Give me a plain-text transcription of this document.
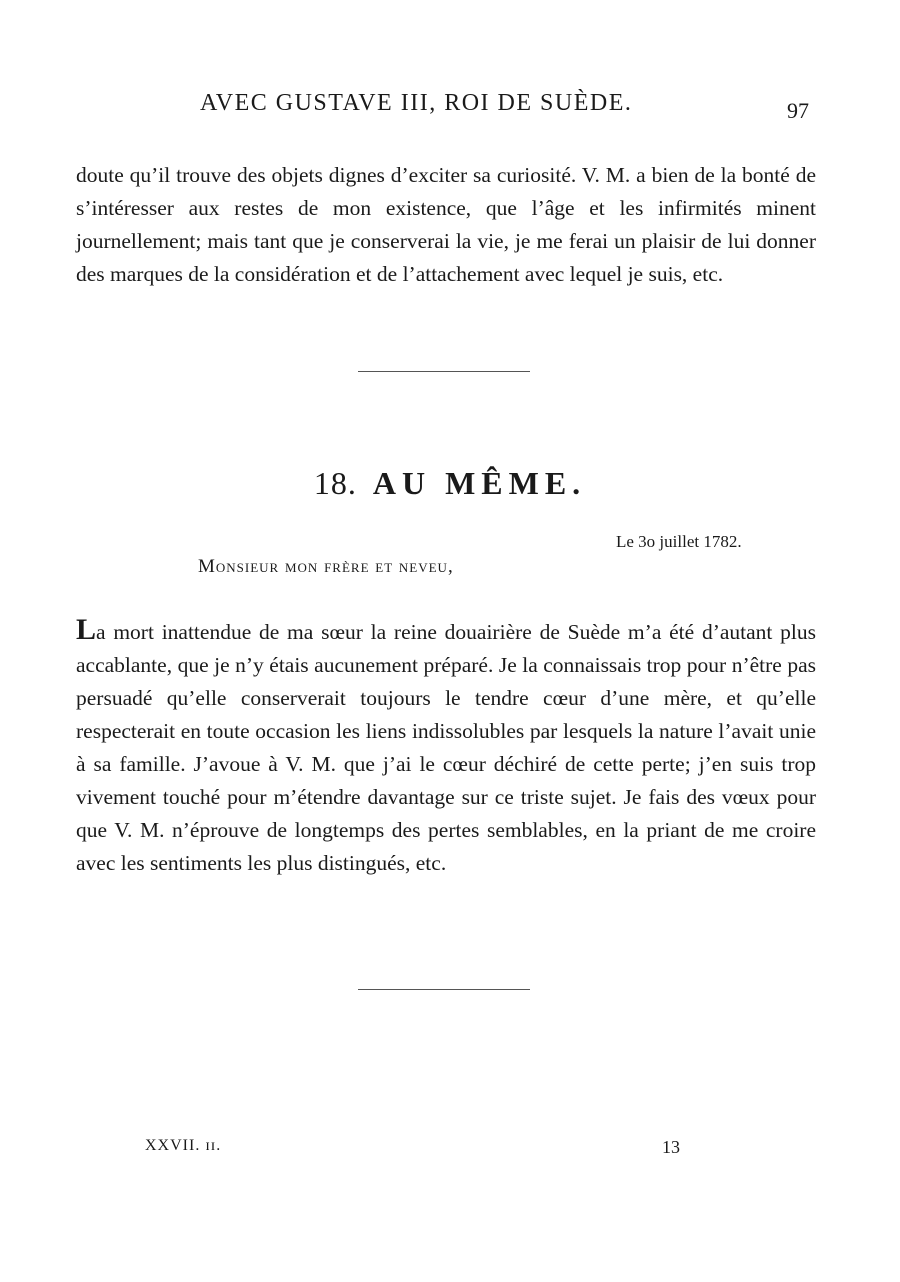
AVEC GUSTAVE III, ROI DE SUÈDE.	97

doute qu’il trouve des objets dignes d’exciter sa curiosité. V. M. a bien de la bonté de s’intéresser aux restes de mon existence, que l’âge et les infirmités minent journellement; mais tant que je conserverai la vie, je me ferai un plaisir de lui donner des marques de la considération et de l’attachement avec lequel je suis, etc.

18. AU MÊME.
Le 3o juillet 1782.
Monsieur mon frère et neveu,

La mort inattendue de ma sœur la reine douairière de Suède m’a été d’autant plus accablante, que je n’y étais aucunement préparé. Je la connaissais trop pour n’être pas persuadé qu’elle conserverait toujours le tendre cœur d’une mère, et qu’elle respecterait en toute occasion les liens indissolubles par lesquels la nature l’avait unie à sa famille. J’avoue à V. M. que j’ai le cœur déchiré de cette perte; j’en suis trop vivement touché pour m’étendre davantage sur ce triste sujet. Je fais des vœux pour que V. M. n’éprouve de longtemps des pertes semblables, en la priant de me croire avec les sentiments les plus distingués, etc.

XXVII. ɪɪ.	13
